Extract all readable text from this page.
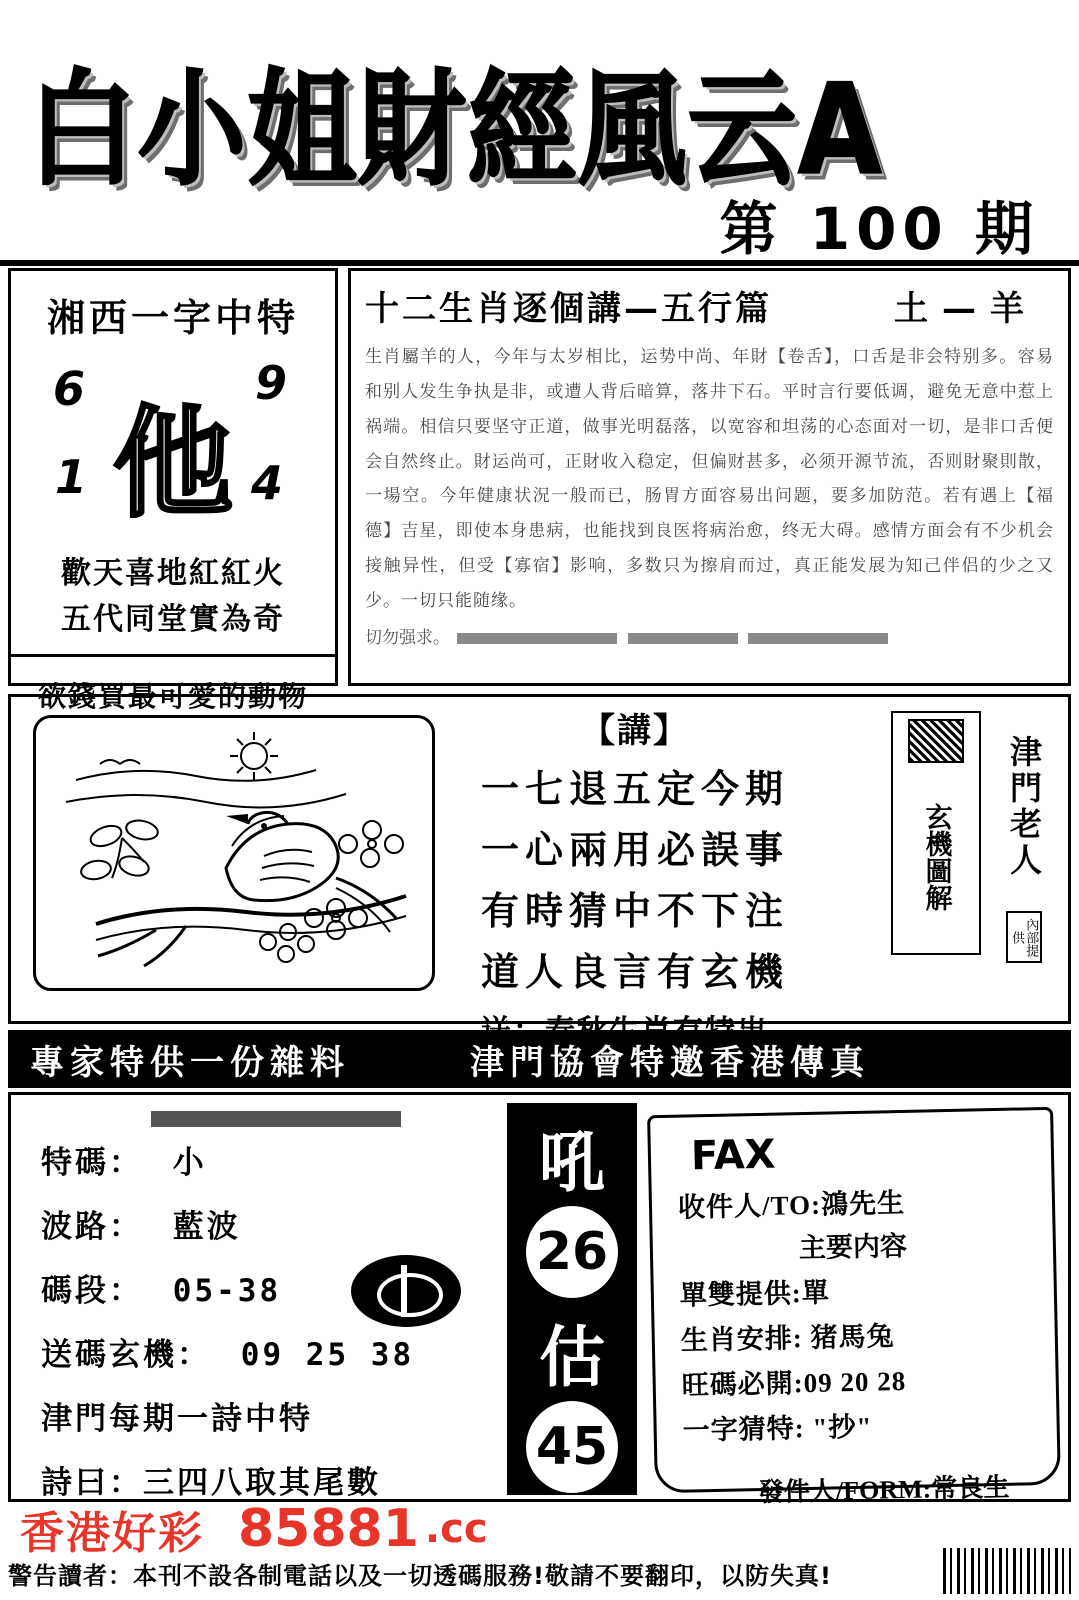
白小姐財經風云A
第 100 期
湘西一字中特
6	9
1	4
他
歡天喜地紅紅火
五代同堂實為奇
欲錢買最可愛的動物
十二生肖逐個講—五行篇	土—羊
生肖屬羊的人，今年与太岁相比，运势中尚、年財【卷舌】，口舌是非会特别多。容易和别人发生争执是非，或遭人背后暗算，落井下石。平时言行要低调，避免无意中惹上祸端。相信只要坚守正道，做事光明磊落，以宽容和坦荡的心态面对一切，是非口舌便会自然终止。財运尚可，正財收入稳定，但偏财甚多，必须开源节流，否则財聚則散，一場空。今年健康状況一般而已，肠胃方面容易出问题，要多加防范。若有遇上【福德】吉星，即使本身患病，也能找到良医将病治愈，终无大碍。感情方面会有不少机会接触异性，但受【寡宿】影响，多数只为擦肩而过，真正能发展为知己伴侣的少之又少。一切只能随缘。
切勿强求。
【講】
一七退五定今期
一心兩用必誤事
有時猜中不下注
道人良言有玄機
玄機圖解 津門老人
內部提供
專家特供一份雜料	津門協會特邀香港傳真
特碼： 小
波路： 藍波
碼段： 05-38
送碼玄機： 09 25 38
津門每期一詩中特
詩曰：三四八取其尾數
吼
26
估
45
FAX
收件人/TO:鴻先生
主要内容
單雙提供:單
生肖安排: 猪馬兔
旺碼必開:09 20 28
一字猜特: "抄"
發件人/FORM:常良生
香港好彩 85881 .cc
警告讀者：本刊不設各制電話以及一切透碼服務!敬請不要翻印，以防失真!
